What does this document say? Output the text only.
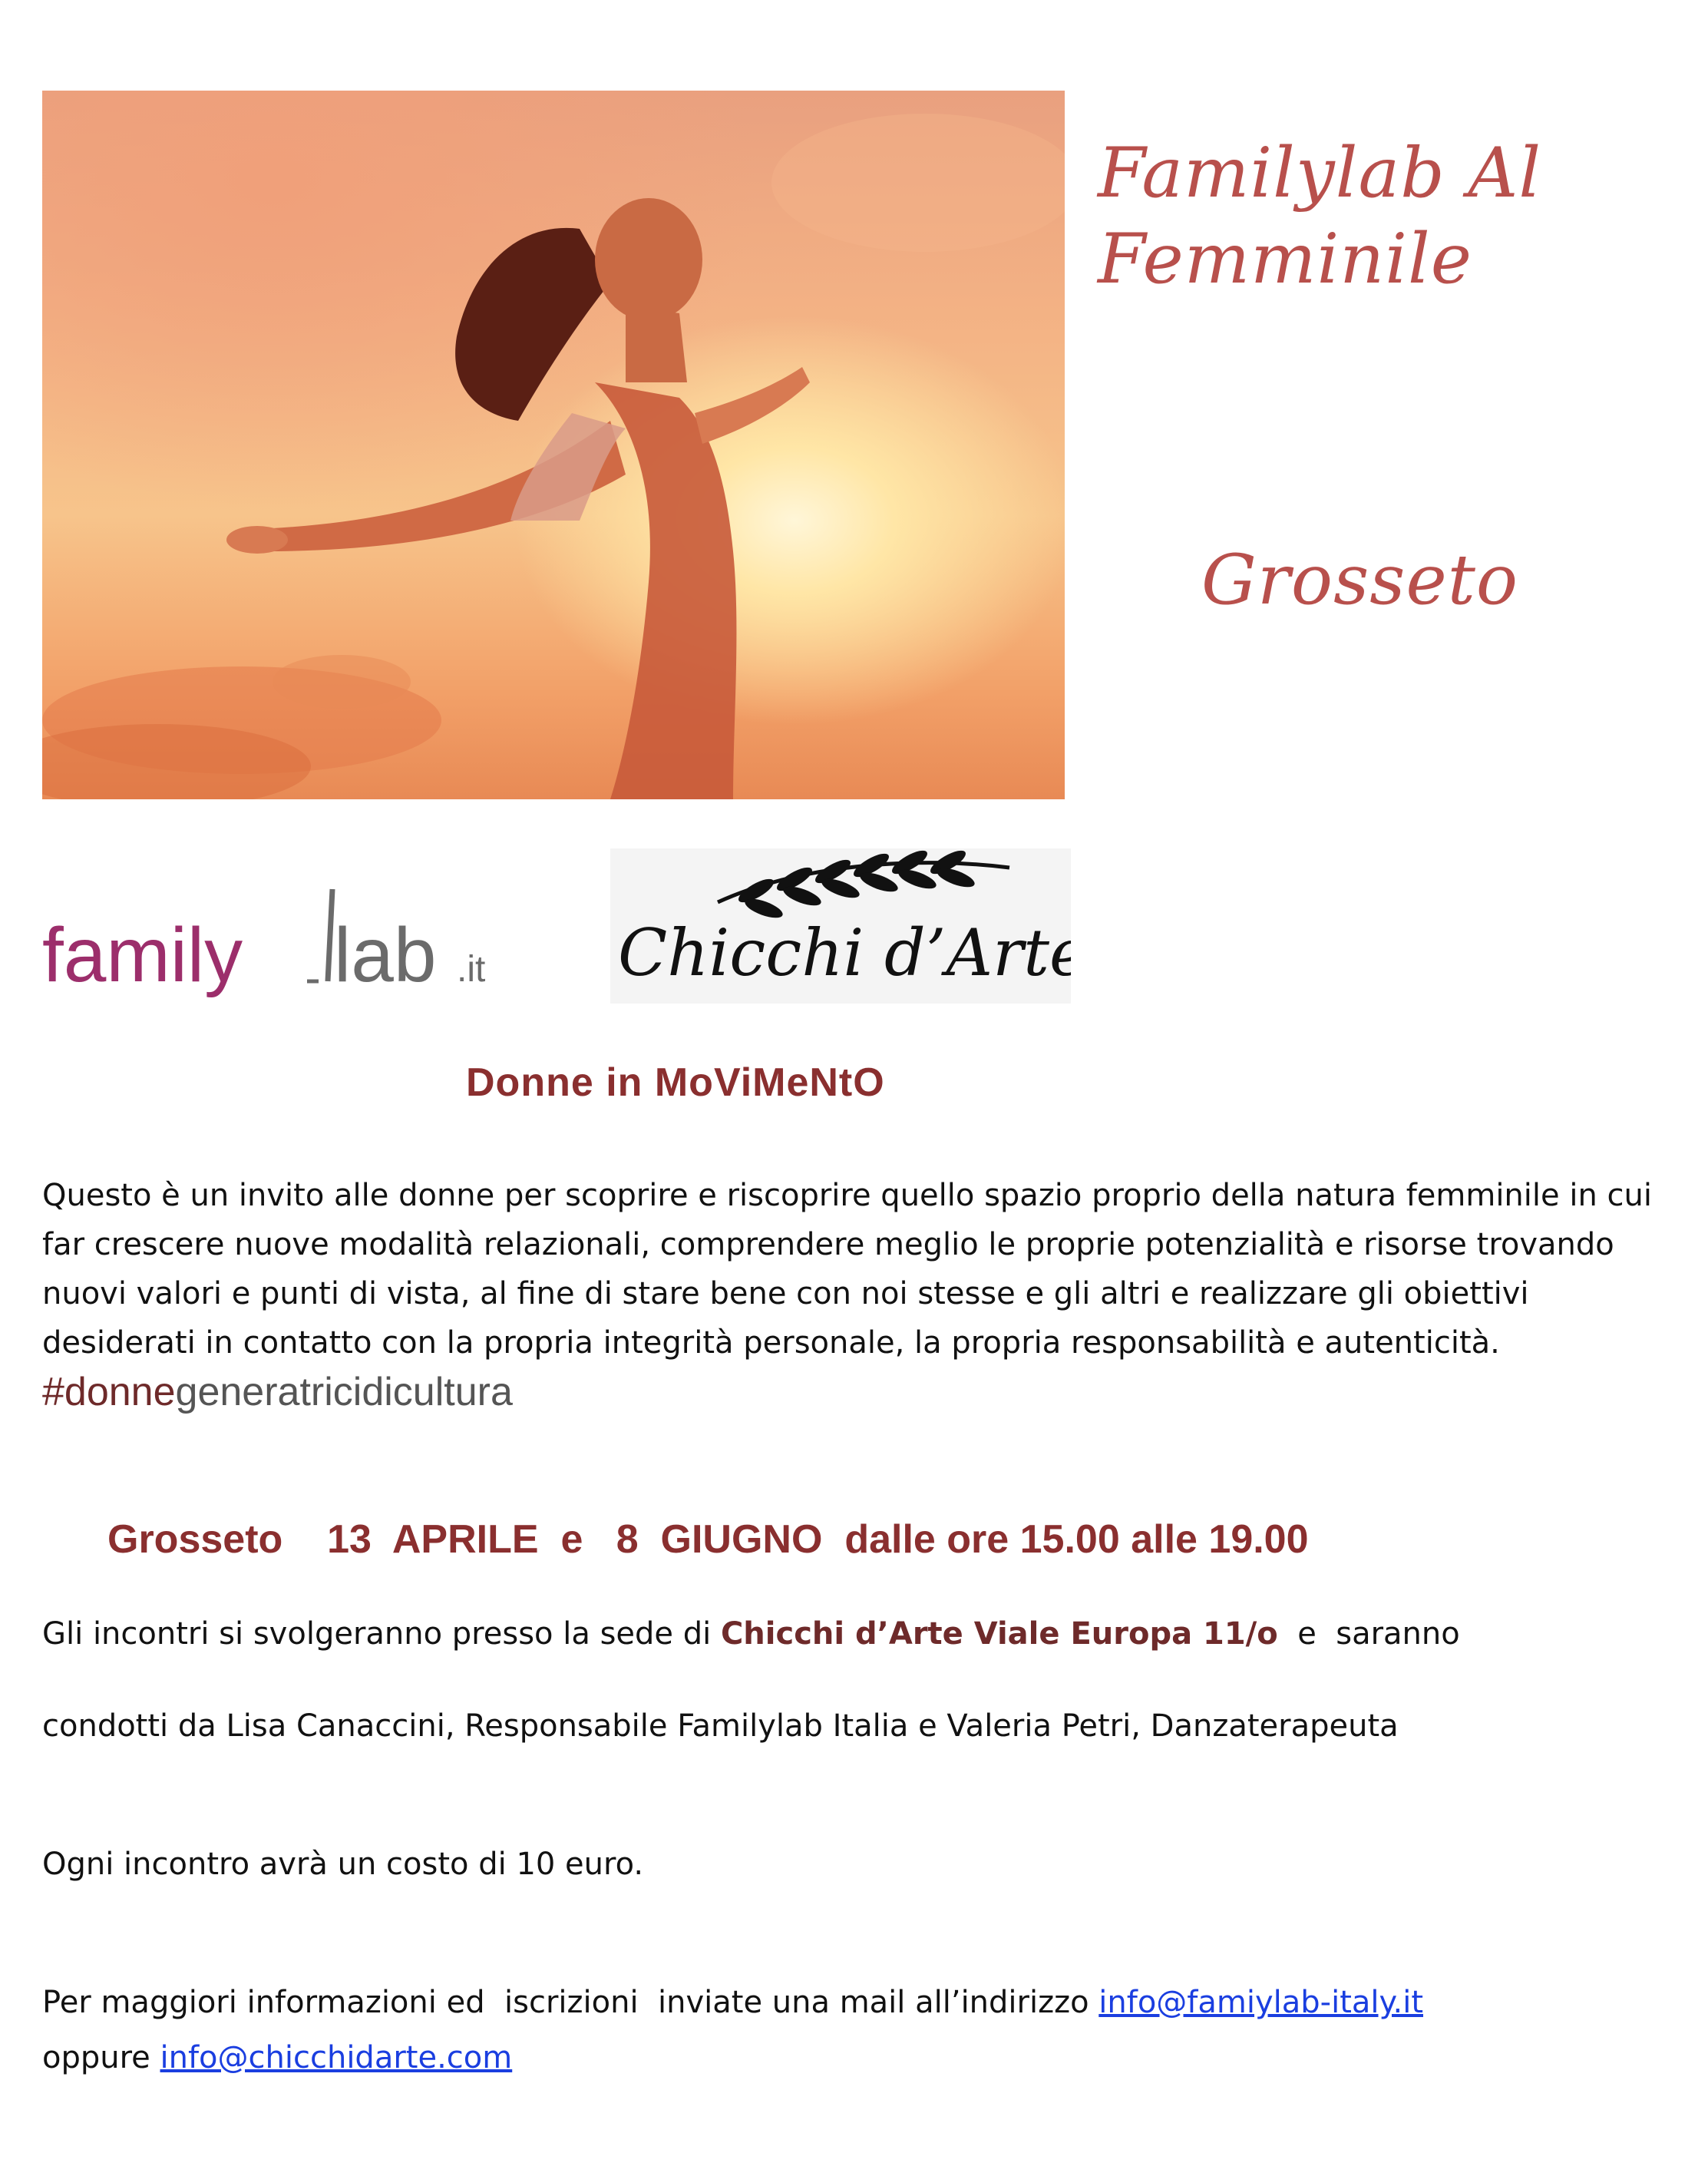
Familylab Al
Femminile
Grosseto
family lab .it Chicchi d’Arte
Donne in MoViMeNtO
Questo è un invito alle donne per scoprire e riscoprire quello spazio proprio della natura femminile in cui far crescere nuove modalità relazionali, comprendere meglio le proprie potenzialità e risorse trovando nuovi valori e punti di vista, al fine di stare bene con noi stesse e gli altri e realizzare gli obiettivi desiderati in contatto con la propria integrità personale, la propria responsabilità e autenticità. #donnegeneratricidicultura
Grosseto    13  APRILE  e   8  GIUGNO  dalle ore 15.00 alle 19.00
Gli incontri si svolgeranno presso la sede di Chicchi d’Arte Viale Europa 11/o  e  saranno
condotti da Lisa Canaccini, Responsabile Familylab Italia e Valeria Petri, Danzaterapeuta
Ogni incontro avrà un costo di 10 euro.
Per maggiori informazioni ed  iscrizioni  inviate una mail all’indirizzo info@famiylab-italy.it
oppure info@chicchidarte.com
